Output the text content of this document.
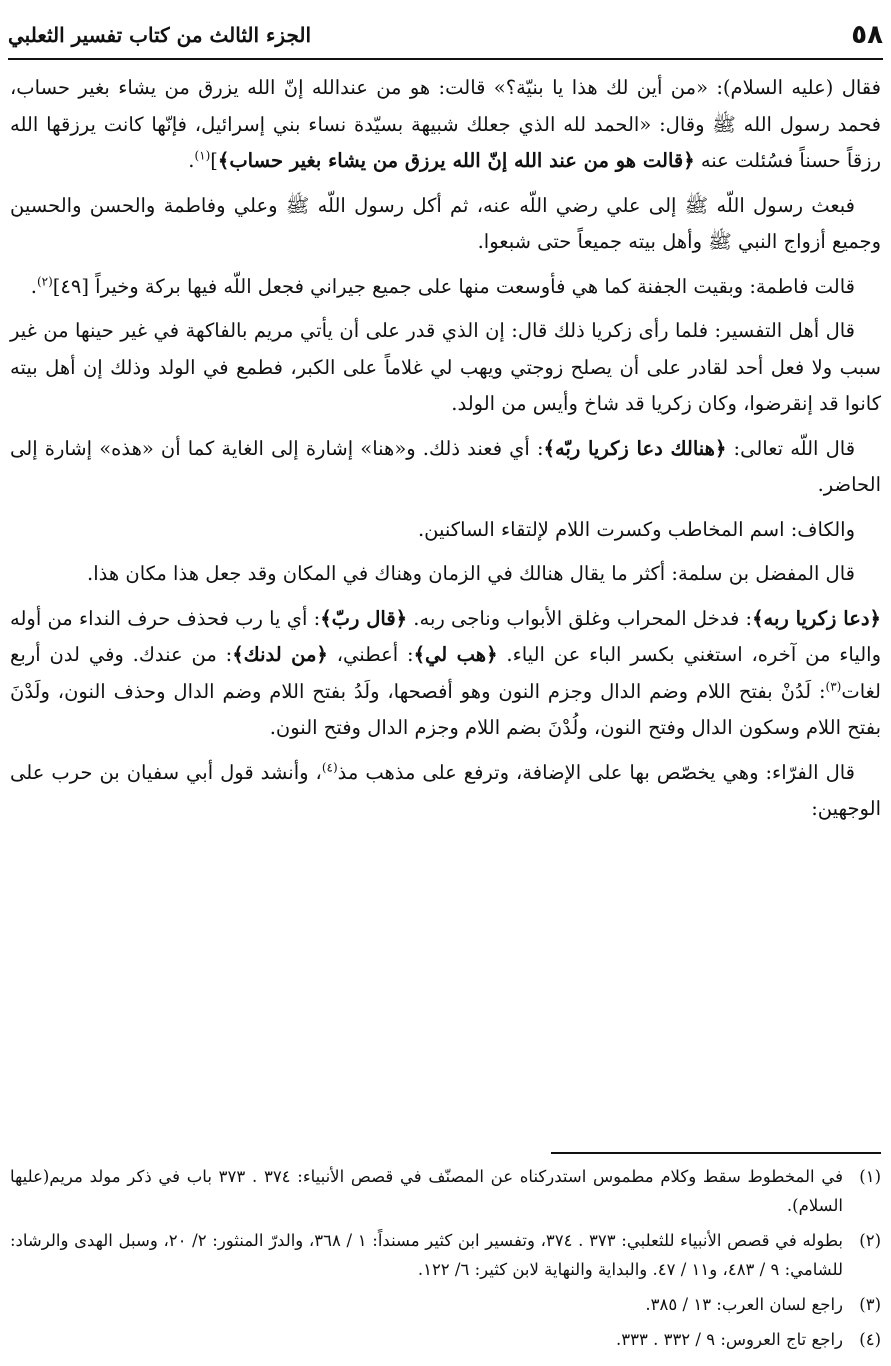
٥٨
الجزء الثالث من كتاب تفسير الثعلبي

فقال (عليه السلام): «من أين لك هذا يا بنيّة؟» قالت: هو من عندالله إنّ الله يزرق من يشاء بغير حساب، فحمد رسول الله ﷺ وقال: «الحمد لله الذي جعلك شبيهة بسيّدة نساء بني إسرائيل، فإنّها كانت يرزقها الله رزقاً حسناً فسُئلت عنه ﴿قالت هو من عند الله إنّ الله يرزق من يشاء بغير حساب﴾]$^{(١)}$.

فبعث رسول اللّه ﷺ إلى علي رضي اللّه عنه، ثم أكل رسول اللّه ﷺ وعلي وفاطمة والحسن والحسين وجميع أزواج النبي ﷺ وأهل بيته جميعاً حتى شبعوا.

قالت فاطمة: وبقيت الجفنة كما هي فأوسعت منها على جميع جيراني فجعل اللّه فيها بركة وخيراً [٤٩]$^{(٢)}$.

قال أهل التفسير: فلما رأى زكريا ذلك قال: إن الذي قدر على أن يأتي مريم بالفاكهة في غير حينها من غير سبب ولا فعل أحد لقادر على أن يصلح زوجتي ويهب لي غلاماً على الكبر، فطمع في الولد وذلك إن أهل بيته كانوا قد إنقرضوا، وكان زكريا قد شاخ وأيس من الولد.

قال اللّه تعالى: ﴿هنالك دعا زكريا ربّه﴾: أي فعند ذلك. و«هنا» إشارة إلى الغاية كما أن «هذه» إشارة إلى الحاضر.

والكاف: اسم المخاطب وكسرت اللام لإلتقاء الساكنين.

قال المفضل بن سلمة: أكثر ما يقال هنالك في الزمان وهناك في المكان وقد جعل هذا مكان هذا.

﴿دعا زكريا ربه﴾: فدخل المحراب وغلق الأبواب وناجى ربه. ﴿قال ربّ﴾: أي يا رب فحذف حرف النداء من أوله والياء من آخره، استغني بكسر الباء عن الياء. ﴿هب لي﴾: أعطني، ﴿من لدنك﴾: من عندك. وفي لدن أربع لغات$^{(٣)}$: لَدُنْ بفتح اللام وضم الدال وجزم النون وهو أفصحها، ولَدُ بفتح اللام وضم الدال وحذف النون، ولَدْنَ بفتح اللام وسكون الدال وفتح النون، ولُدْنَ بضم اللام وجزم الدال وفتح النون.

قال الفرّاء: وهي يخصّص بها على الإضافة، وترفع على مذهب مذ$^{(٤)}$، وأنشد قول أبي سفيان بن حرب على الوجهين:

(١)
في المخطوط سقط وكلام مطموس استدركناه عن المصنّف في قصص الأنبياء: ٣٧٤ . ٣٧٣ باب في ذكر مولد مريم(عليها السلام).
(٢)
بطوله في قصص الأنبياء للثعلبي: ٣٧٣ . ٣٧٤، وتفسير ابن كثير مسنداً: ١ / ٣٦٨، والدرّ المنثور: ٢/ ٢٠، وسبل الهدى والرشاد: للشامي: ٩ / ٤٨٣، و١١ / ٤٧. والبداية والنهاية لابن كثير: ٦/ ١٢٢.
(٣)
راجع لسان العرب: ١٣ / ٣٨٥.
(٤)
راجع تاج العروس: ٩ / ٣٣٢ . ٣٣٣.
